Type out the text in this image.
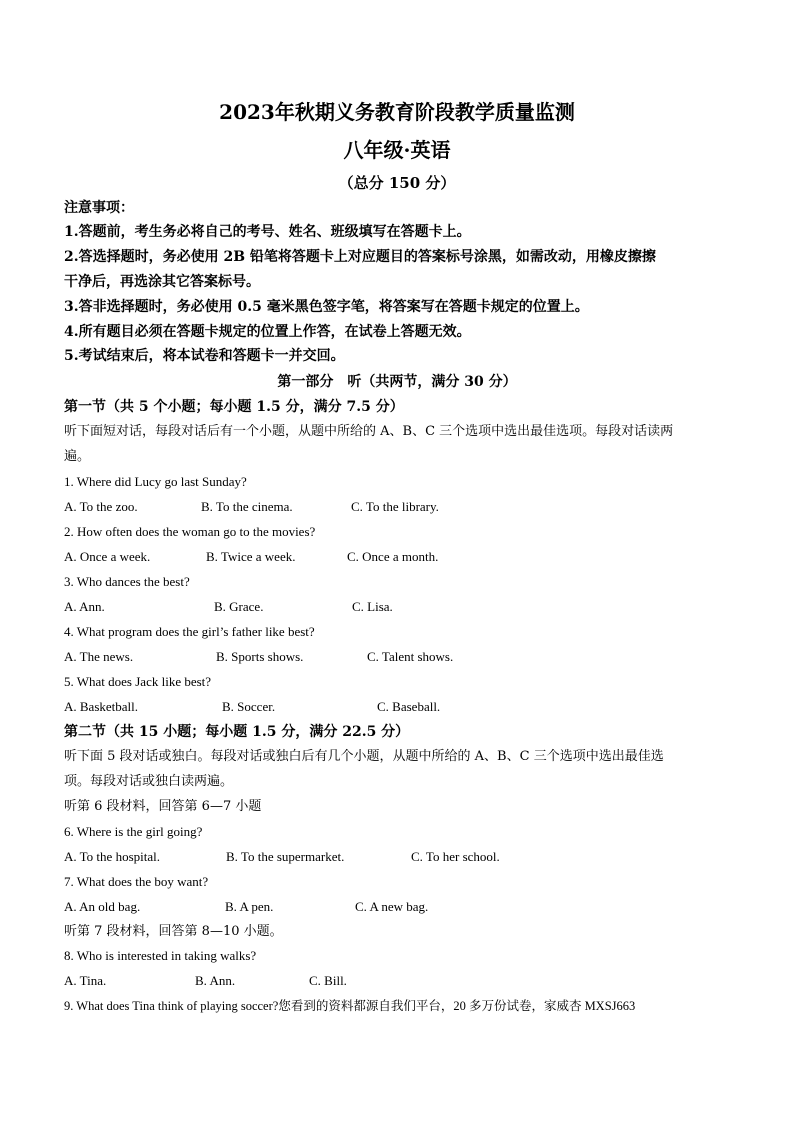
2023年秋期义务教育阶段教学质量监测
八年级·英语
（总分 150 分）
注意事项：
1.答题前，考生务必将自己的考号、姓名、班级填写在答题卡上。
2.答选择题时，务必使用 2B 铅笔将答题卡上对应题目的答案标号涂黑，如需改动，用橡皮擦擦
干净后，再选涂其它答案标号。
3.答非选择题时，务必使用 0.5 毫米黑色签字笔，将答案写在答题卡规定的位置上。
4.所有题目必须在答题卡规定的位置上作答，在试卷上答题无效。
5.考试结束后，将本试卷和答题卡一并交回。
第一部分　听（共两节，满分 30 分）
第一节（共 5 个小题；每小题 1.5 分，满分 7.5 分）
听下面短对话，每段对话后有一个小题，从题中所给的 A、B、C 三个选项中选出最佳选项。每段对话读两
遍。
1. Where did Lucy go last Sunday?
A. To the zoo.	B. To the cinema.	C. To the library.
2. How often does the woman go to the movies?
A. Once a week.	B. Twice a week.	C. Once a month.
3. Who dances the best?
A. Ann.	B. Grace.	C. Lisa.
4. What program does the girl’s father like best?
A. The news.	B. Sports shows.	C. Talent shows.
5. What does Jack like best?
A. Basketball.	B. Soccer.	C. Baseball.
第二节（共 15 小题；每小题 1.5 分，满分 22.5 分）
听下面 5 段对话或独白。每段对话或独白后有几个小题，从题中所给的 A、B、C 三个选项中选出最佳选
项。每段对话或独白读两遍。
听第 6 段材料，回答第 6—7 小题
6. Where is the girl going?
A. To the hospital.	B. To the supermarket.	C. To her school.
7. What does the boy want?
A. An old bag.	B. A pen.	C. A new bag.
听第 7 段材料，回答第 8—10 小题。
8. Who is interested in taking walks?
A. Tina.	B. Ann.	C. Bill.
9. What does Tina think of playing soccer?您看到的资料都源自我们平台，20 多万份试卷，家威杏 MXSJ663
